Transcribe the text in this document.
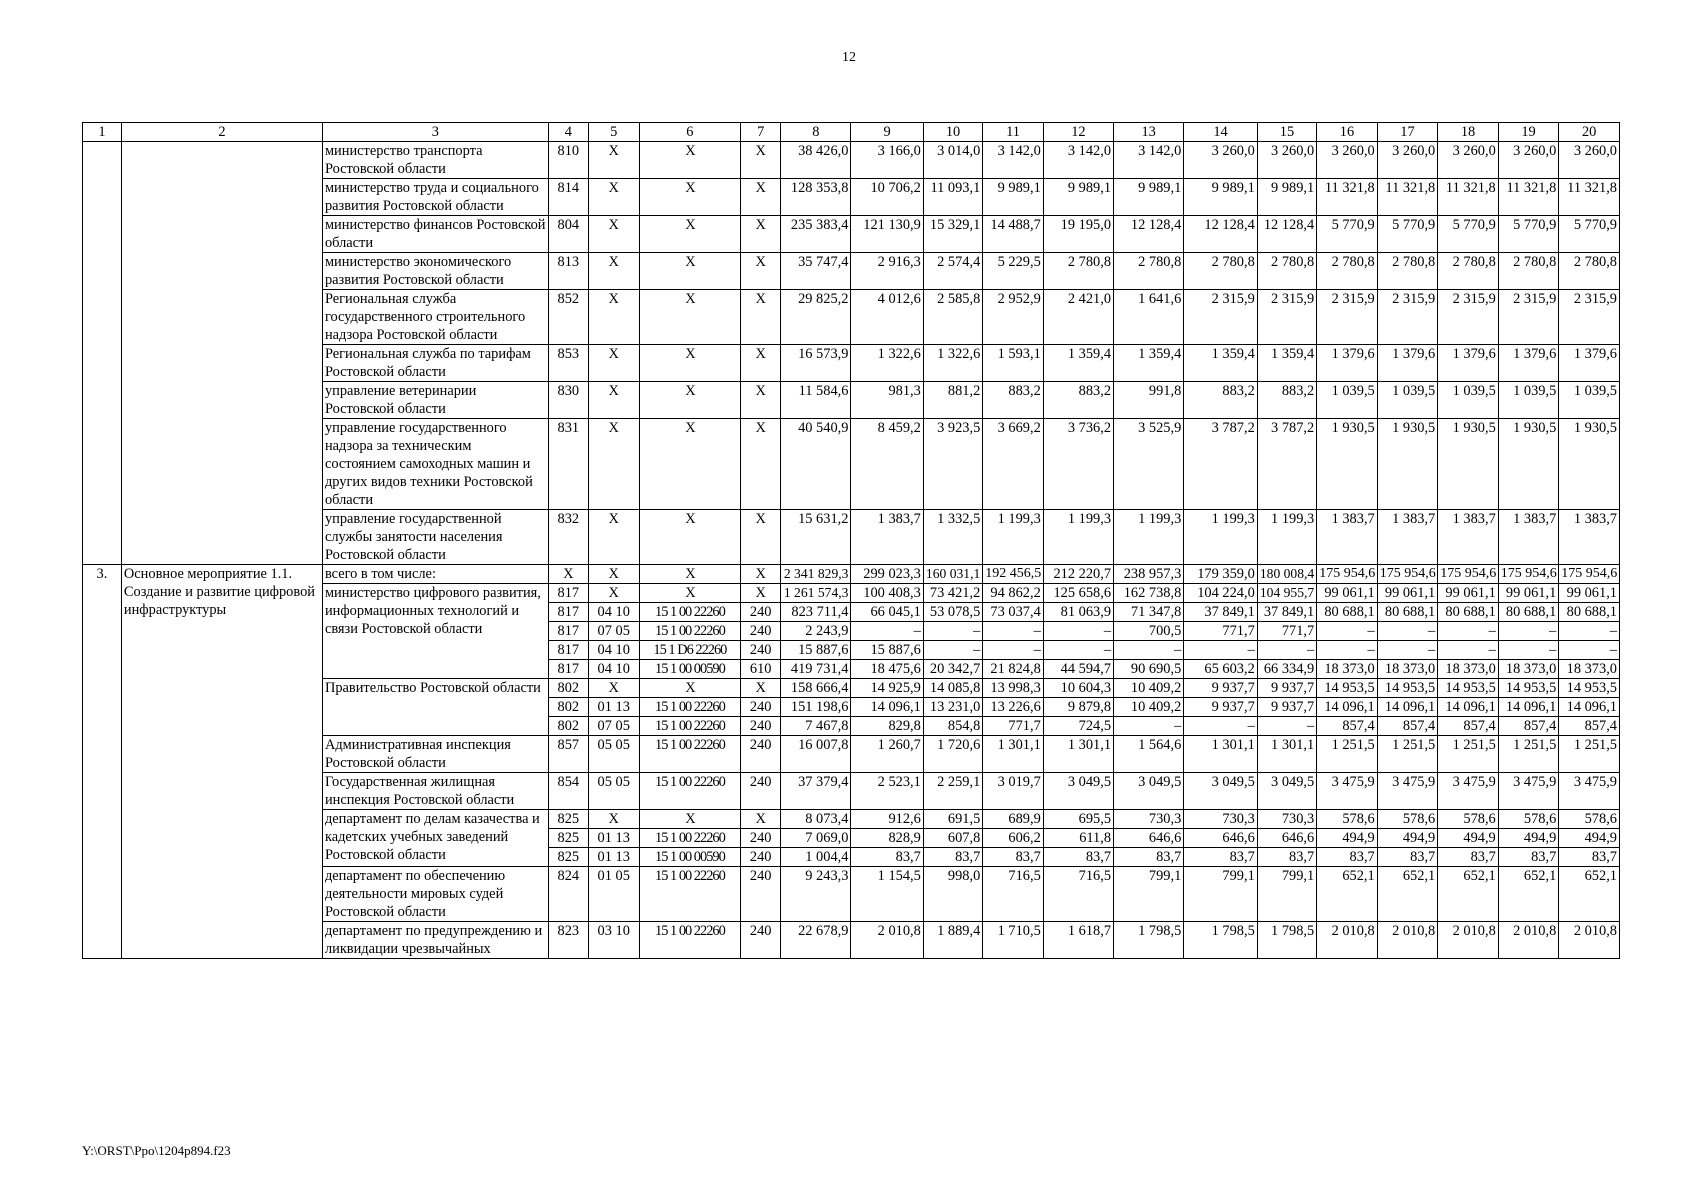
12
1	2	3	4	5	6	7	8	9	10	11	12	13	14	15	16	17	18	19	20
		министерство транспорта Ростовской области	810	X	X	X	38 426,0	3 166,0	3 014,0	3 142,0	3 142,0	3 142,0	3 260,0	3 260,0	3 260,0	3 260,0	3 260,0	3 260,0	3 260,0
		министерство труда и социального развития Ростовской области	814	X	X	X	128 353,8	10 706,2	11 093,1	9 989,1	9 989,1	9 989,1	9 989,1	9 989,1	11 321,8	11 321,8	11 321,8	11 321,8	11 321,8
		министерство финансов Ростовской области	804	X	X	X	235 383,4	121 130,9	15 329,1	14 488,7	19 195,0	12 128,4	12 128,4	12 128,4	5 770,9	5 770,9	5 770,9	5 770,9	5 770,9
		министерство экономического развития Ростовской области	813	X	X	X	35 747,4	2 916,3	2 574,4	5 229,5	2 780,8	2 780,8	2 780,8	2 780,8	2 780,8	2 780,8	2 780,8	2 780,8	2 780,8
		Региональная служба государственного строительного надзора Ростовской области	852	X	X	X	29 825,2	4 012,6	2 585,8	2 952,9	2 421,0	1 641,6	2 315,9	2 315,9	2 315,9	2 315,9	2 315,9	2 315,9	2 315,9
		Региональная служба по тарифам Ростовской области	853	X	X	X	16 573,9	1 322,6	1 322,6	1 593,1	1 359,4	1 359,4	1 359,4	1 359,4	1 379,6	1 379,6	1 379,6	1 379,6	1 379,6
		управление ветеринарии Ростовской области	830	X	X	X	11 584,6	981,3	881,2	883,2	883,2	991,8	883,2	883,2	1 039,5	1 039,5	1 039,5	1 039,5	1 039,5
		управление государственного надзора за техническим состоянием самоходных машин и других видов техники Ростовской области	831	X	X	X	40 540,9	8 459,2	3 923,5	3 669,2	3 736,2	3 525,9	3 787,2	3 787,2	1 930,5	1 930,5	1 930,5	1 930,5	1 930,5
		управление государственной службы занятости населения Ростовской области	832	X	X	X	15 631,2	1 383,7	1 332,5	1 199,3	1 199,3	1 199,3	1 199,3	1 199,3	1 383,7	1 383,7	1 383,7	1 383,7	1 383,7
3.	Основное мероприятие 1.1. Создание и развитие цифровой инфраструктуры	всего в том числе:	X	X	X	X	2 341 829,3	299 023,3	160 031,1	192 456,5	212 220,7	238 957,3	179 359,0	180 008,4	175 954,6	175 954,6	175 954,6	175 954,6	175 954,6
		министерство цифрового развития, информационных технологий и связи Ростовской области	817	X	X	X	1 261 574,3	100 408,3	73 421,2	94 862,2	125 658,6	162 738,8	104 224,0	104 955,7	99 061,1	99 061,1	99 061,1	99 061,1	99 061,1
			817	04 10	15 1 00 22260	240	823 711,4	66 045,1	53 078,5	73 037,4	81 063,9	71 347,8	37 849,1	37 849,1	80 688,1	80 688,1	80 688,1	80 688,1	80 688,1
			817	07 05	15 1 00 22260	240	2 243,9	–	–	–	–	700,5	771,7	771,7	–	–	–	–	–
			817	04 10	15 1 D6 22260	240	15 887,6	15 887,6	–	–	–	–	–	–	–	–	–	–	–
			817	04 10	15 1 00 00590	610	419 731,4	18 475,6	20 342,7	21 824,8	44 594,7	90 690,5	65 603,2	66 334,9	18 373,0	18 373,0	18 373,0	18 373,0	18 373,0
		Правительство Ростовской области	802	X	X	X	158 666,4	14 925,9	14 085,8	13 998,3	10 604,3	10 409,2	9 937,7	9 937,7	14 953,5	14 953,5	14 953,5	14 953,5	14 953,5
			802	01 13	15 1 00 22260	240	151 198,6	14 096,1	13 231,0	13 226,6	9 879,8	10 409,2	9 937,7	9 937,7	14 096,1	14 096,1	14 096,1	14 096,1	14 096,1
			802	07 05	15 1 00 22260	240	7 467,8	829,8	854,8	771,7	724,5	–	–	–	857,4	857,4	857,4	857,4	857,4
		Административная инспекция Ростовской области	857	05 05	15 1 00 22260	240	16 007,8	1 260,7	1 720,6	1 301,1	1 301,1	1 564,6	1 301,1	1 301,1	1 251,5	1 251,5	1 251,5	1 251,5	1 251,5
		Государственная жилищная инспекция Ростовской области	854	05 05	15 1 00 22260	240	37 379,4	2 523,1	2 259,1	3 019,7	3 049,5	3 049,5	3 049,5	3 049,5	3 475,9	3 475,9	3 475,9	3 475,9	3 475,9
		департамент по делам казачества и кадетских учебных заведений Ростовской области	825	X	X	X	8 073,4	912,6	691,5	689,9	695,5	730,3	730,3	730,3	578,6	578,6	578,6	578,6	578,6
			825	01 13	15 1 00 22260	240	7 069,0	828,9	607,8	606,2	611,8	646,6	646,6	646,6	494,9	494,9	494,9	494,9	494,9
			825	01 13	15 1 00 00590	240	1 004,4	83,7	83,7	83,7	83,7	83,7	83,7	83,7	83,7	83,7	83,7	83,7	83,7
		департамент по обеспечению деятельности мировых судей Ростовской области	824	01 05	15 1 00 22260	240	9 243,3	1 154,5	998,0	716,5	716,5	799,1	799,1	799,1	652,1	652,1	652,1	652,1	652,1
		департамент по предупреждению и ликвидации чрезвычайных	823	03 10	15 1 00 22260	240	22 678,9	2 010,8	1 889,4	1 710,5	1 618,7	1 798,5	1 798,5	1 798,5	2 010,8	2 010,8	2 010,8	2 010,8	2 010,8
Y:\ORST\Ppo\1204p894.f23
